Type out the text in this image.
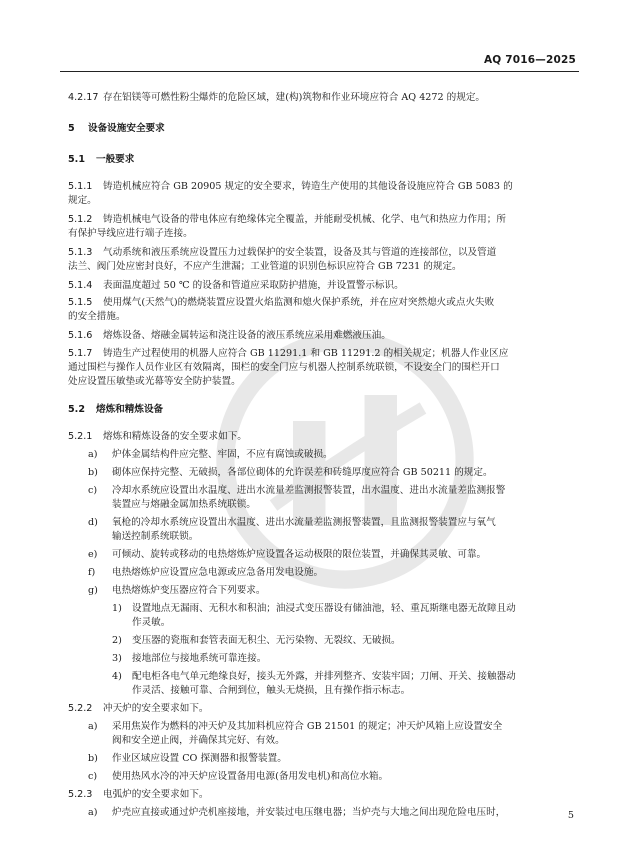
AQ 7016—2025
4.2.17 存在铝镁等可燃性粉尘爆炸的危险区域，建(构)筑物和作业环境应符合 AQ 4272 的规定。
5 设备设施安全要求
5.1 一般要求
5.1.1 铸造机械应符合 GB 20905 规定的安全要求，铸造生产使用的其他设备设施应符合 GB 5083 的
规定。
5.1.2 铸造机械电气设备的带电体应有绝缘体完全覆盖，并能耐受机械、化学、电气和热应力作用；所
有保护导线应进行端子连接。
5.1.3 气动系统和液压系统应设置压力过载保护的安全装置，设备及其与管道的连接部位，以及管道
法兰、阀门处应密封良好，不应产生泄漏；工业管道的识别色标识应符合 GB 7231 的规定。
5.1.4 表面温度超过 50 ℃ 的设备和管道应采取防护措施，并设置警示标识。
5.1.5 使用煤气(天然气)的燃烧装置应设置火焰监测和熄火保护系统，并在应对突然熄火或点火失败
的安全措施。
5.1.6 熔炼设备、熔融金属转运和浇注设备的液压系统应采用难燃液压油。
5.1.7 铸造生产过程使用的机器人应符合 GB 11291.1 和 GB 11291.2 的相关规定；机器人作业区应
通过围栏与操作人员作业区有效隔离，围栏的安全门应与机器人控制系统联锁，不设安全门的围栏开口
处应设置压敏垫或光幕等安全防护装置。
5.2 熔炼和精炼设备
5.2.1 熔炼和精炼设备的安全要求如下。
a) 炉体金属结构件应完整、牢固，不应有腐蚀或破损。
b) 砌体应保持完整、无破损，各部位砌体的允许误差和砖缝厚度应符合 GB 50211 的规定。
c) 冷却水系统应设置出水温度、进出水流量差监测报警装置，出水温度、进出水流量差监测报警
装置应与熔融金属加热系统联锁。
d) 氧枪的冷却水系统应设置出水温度、进出水流量差监测报警装置，且监测报警装置应与氧气
输送控制系统联锁。
e) 可倾动、旋转或移动的电热熔炼炉应设置各运动极限的限位装置，并确保其灵敏、可靠。
f) 电热熔炼炉应设置应急电源或应急备用发电设施。
g) 电热熔炼炉变压器应符合下列要求。
1) 设置地点无漏雨、无积水和积油；油浸式变压器设有储油池，轻、重瓦斯继电器无故障且动
作灵敏。
2) 变压器的瓷瓶和套管表面无积尘、无污染物、无裂纹、无破损。
3) 接地部位与接地系统可靠连接。
4) 配电柜各电气单元绝缘良好，接头无外露，并排列整齐、安装牢固；刀闸、开关、接触器动
作灵活、接触可靠、合闸到位，触头无烧损，且有操作指示标志。
5.2.2 冲天炉的安全要求如下。
a) 采用焦炭作为燃料的冲天炉及其加料机应符合 GB 21501 的规定；冲天炉风箱上应设置安全
阀和安全逆止阀，并确保其完好、有效。
b) 作业区域应设置 CO 探测器和报警装置。
c) 使用热风水冷的冲天炉应设置备用电源(备用发电机)和高位水箱。
5.2.3 电弧炉的安全要求如下。
a) 炉壳应直接或通过炉壳机座接地，并安装过电压继电器；当炉壳与大地之间出现危险电压时，	5
